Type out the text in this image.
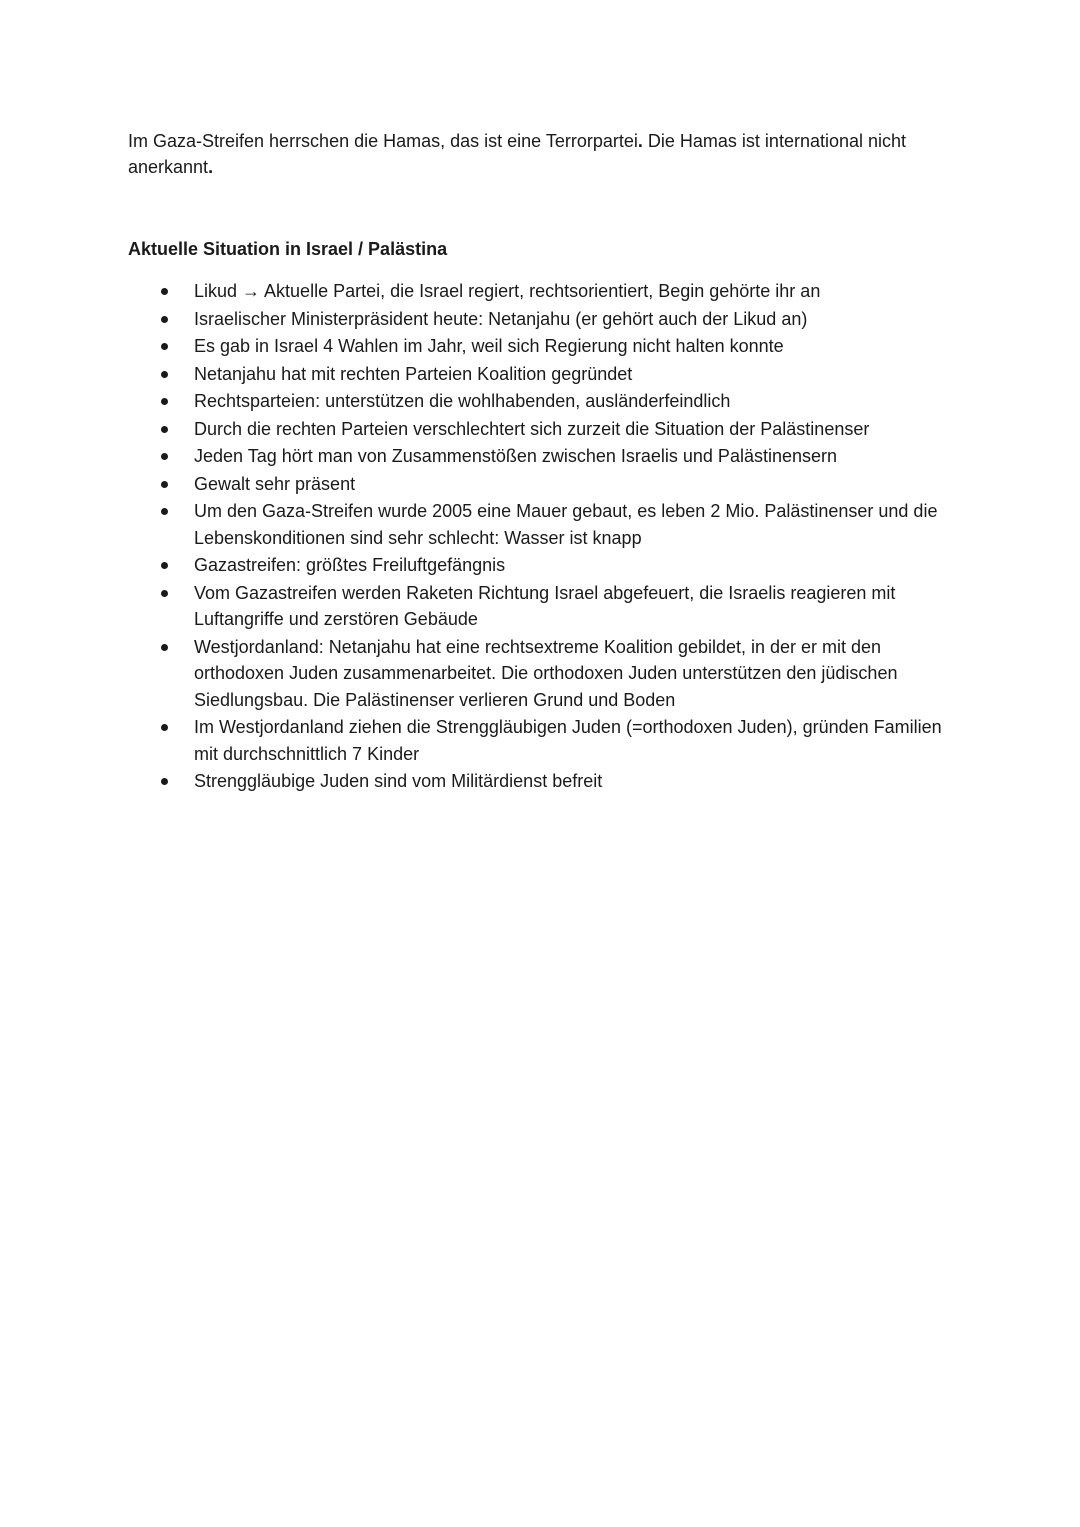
Im Gaza-Streifen herrschen die Hamas, das ist eine Terrorpartei. Die Hamas ist international nicht anerkannt.

Aktuelle Situation in Israel / Palästina
Likud → Aktuelle Partei, die Israel regiert, rechtsorientiert, Begin gehörte ihr an
Israelischer Ministerpräsident heute: Netanjahu (er gehört auch der Likud an)
Es gab in Israel 4 Wahlen im Jahr, weil sich Regierung nicht halten konnte
Netanjahu hat mit rechten Parteien Koalition gegründet
Rechtsparteien: unterstützen die wohlhabenden, ausländerfeindlich
Durch die rechten Parteien verschlechtert sich zurzeit die Situation der Palästinenser
Jeden Tag hört man von Zusammenstößen zwischen Israelis und Palästinensern
Gewalt sehr präsent
Um den Gaza-Streifen wurde 2005 eine Mauer gebaut, es leben 2 Mio. Palästinenser und die Lebenskonditionen sind sehr schlecht: Wasser ist knapp
Gazastreifen: größtes Freiluftgefängnis
Vom Gazastreifen werden Raketen Richtung Israel abgefeuert, die Israelis reagieren mit Luftangriffe und zerstören Gebäude
Westjordanland: Netanjahu hat eine rechtsextreme Koalition gebildet, in der er mit den orthodoxen Juden zusammenarbeitet. Die orthodoxen Juden unterstützen den jüdischen Siedlungsbau. Die Palästinenser verlieren Grund und Boden
Im Westjordanland ziehen die Strenggläubigen Juden (=orthodoxen Juden), gründen Familien mit durchschnittlich 7 Kinder
Strenggläubige Juden sind vom Militärdienst befreit
